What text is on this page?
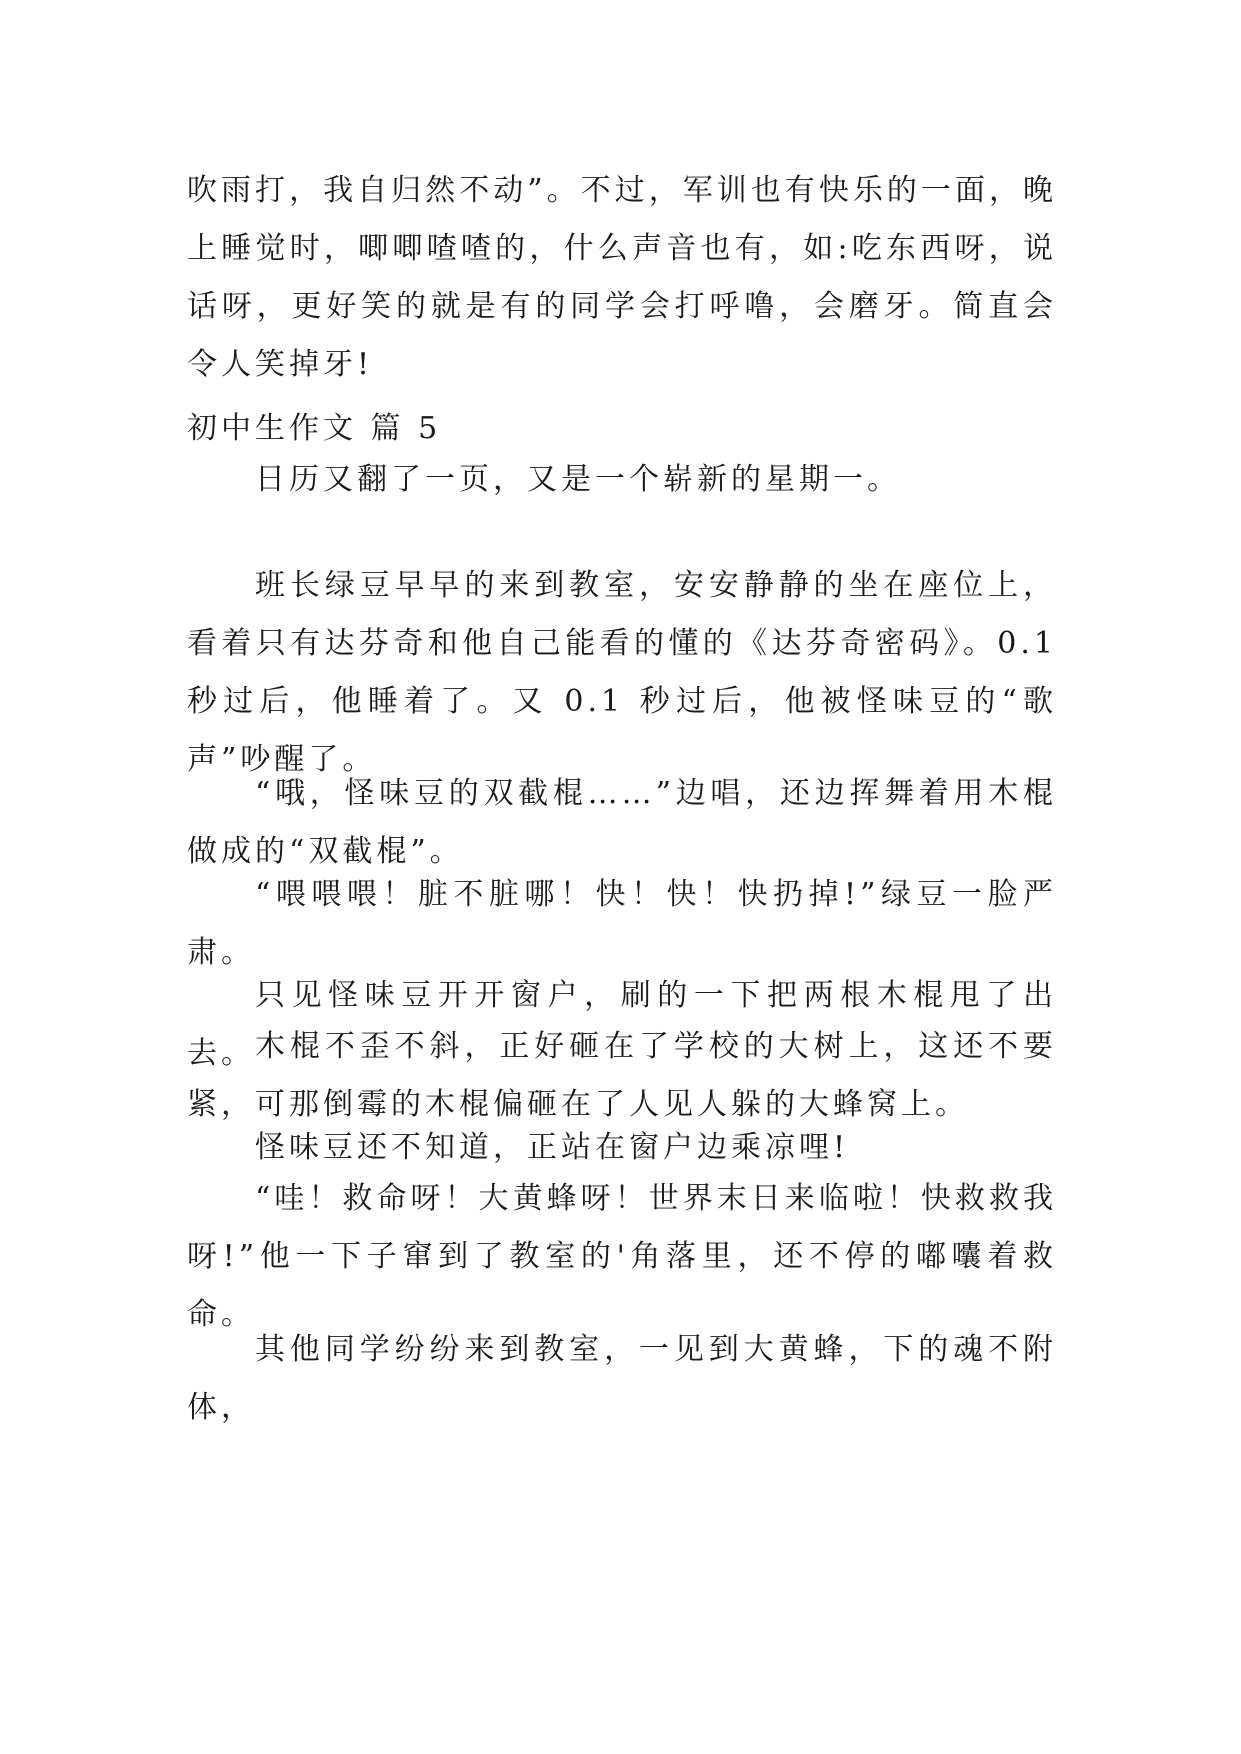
吹雨打，我自归然不动”。不过，军训也有快乐的一面，晚上睡觉时，唧唧喳喳的，什么声音也有，如:吃东西呀，说话呀，更好笑的就是有的同学会打呼噜，会磨牙。简直会令人笑掉牙!

初中生作文 篇 5

日历又翻了一页，又是一个崭新的星期一。

班长绿豆早早的来到教室，安安静静的坐在座位上，看着只有达芬奇和他自己能看的懂的《达芬奇密码》。0.1 秒过后，他睡着了。又 0.1 秒过后，他被怪味豆的“歌声”吵醒了。

“哦，怪味豆的双截棍……”边唱，还边挥舞着用木棍做成的“双截棍”。

“喂喂喂！脏不脏哪！快！快！快扔掉!”绿豆一脸严肃。

只见怪味豆开开窗户，刷的一下把两根木棍甩了出去。 木棍不歪不斜，正好砸在了学校的大树上，这还不要紧，可那倒霉的木棍偏砸在了人见人躲的大蜂窝上。

怪味豆还不知道，正站在窗户边乘凉哩!

“哇！救命呀！大黄蜂呀！世界末日来临啦！快救救我呀!”他一下子窜到了教室的'角落里，还不停的嘟囔着救命。

其他同学纷纷来到教室，一见到大黄蜂，下的魂不附体，
